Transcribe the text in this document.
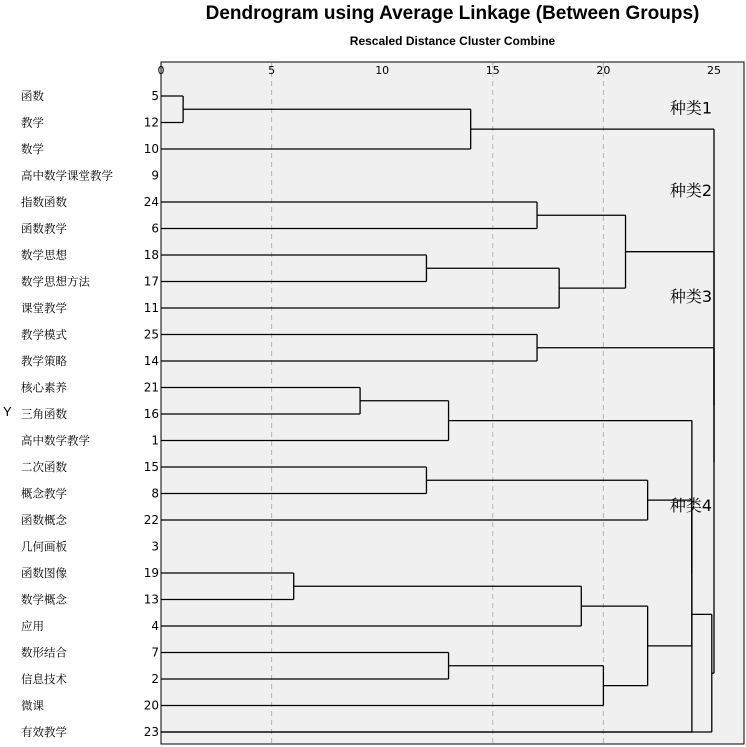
Dendrogram using Average Linkage (Between Groups)
Rescaled Distance Cluster Combine
Y
0	5	10	15	20	25
函数	5
教学	12
数学	10
高中数学课堂教学	9
指数函数	24
函数教学	6
数学思想	18
数学思想方法	17
课堂教学	11
教学模式	25
教学策略	14
核心素养	21
三角函数	16
高中数学教学	1
二次函数	15
概念教学	8
函数概念	22
几何画板	3
函数图像	19
数学概念	13
应用	4
数形结合	7
信息技术	2
微课	20
有效教学	23
种类1
种类2
种类3
种类4
